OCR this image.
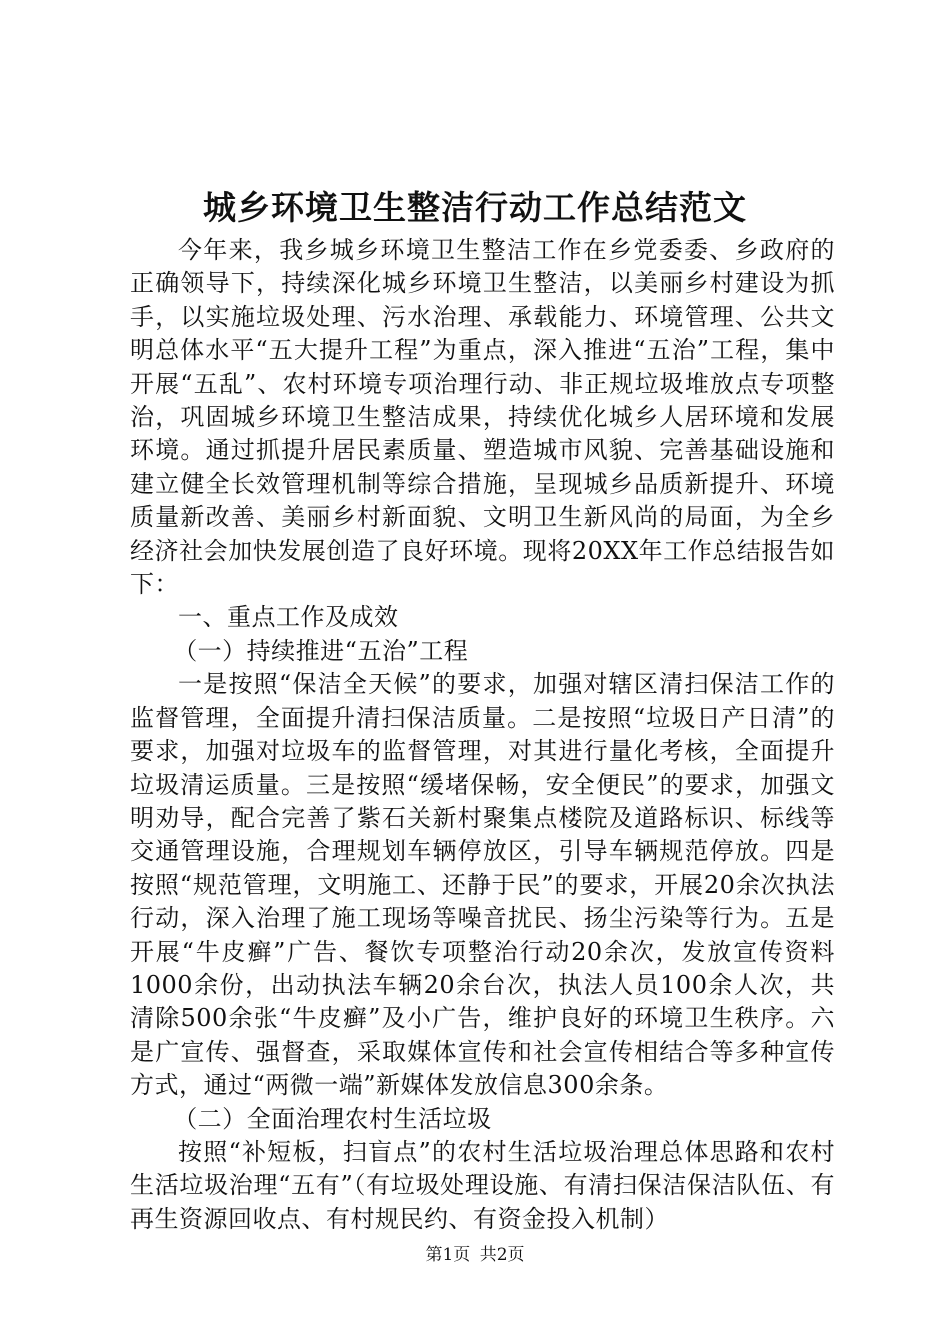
城乡环境卫生整洁行动工作总结范文

今年来，我乡城乡环境卫生整洁工作在乡党委委、乡政府的正确领导下，持续深化城乡环境卫生整洁，以美丽乡村建设为抓手，以实施垃圾处理、污水治理、承载能力、环境管理、公共文明总体水平“五大提升工程”为重点，深入推进“五治”工程，集中开展“五乱”、农村环境专项治理行动、非正规垃圾堆放点专项整治，巩固城乡环境卫生整洁成果，持续优化城乡人居环境和发展环境。通过抓提升居民素质量、塑造城市风貌、完善基础设施和建立健全长效管理机制等综合措施，呈现城乡品质新提升、环境质量新改善、美丽乡村新面貌、文明卫生新风尚的局面，为全乡经济社会加快发展创造了良好环境。现将20XX年工作总结报告如下：

一、重点工作及成效

（一）持续推进“五治”工程

一是按照“保洁全天候”的要求，加强对辖区清扫保洁工作的监督管理，全面提升清扫保洁质量。二是按照“垃圾日产日清”的要求，加强对垃圾车的监督管理，对其进行量化考核，全面提升垃圾清运质量。三是按照“缓堵保畅，安全便民”的要求，加强文明劝导，配合完善了紫石关新村聚集点楼院及道路标识、标线等交通管理设施，合理规划车辆停放区，引导车辆规范停放。四是按照“规范管理，文明施工、还静于民”的要求，开展20余次执法行动，深入治理了施工现场等噪音扰民、扬尘污染等行为。五是开展“牛皮癣”广告、餐饮专项整治行动20余次，发放宣传资料1000余份，出动执法车辆20余台次，执法人员100余人次，共清除500余张“牛皮癣”及小广告，维护良好的环境卫生秩序。六是广宣传、强督查，采取媒体宣传和社会宣传相结合等多种宣传方式，通过“两微一端”新媒体发放信息300余条。

（二）全面治理农村生活垃圾

按照“补短板，扫盲点”的农村生活垃圾治理总体思路和农村生活垃圾治理“五有”（有垃圾处理设施、有清扫保洁保洁队伍、有再生资源回收点、有村规民约、有资金投入机制）

第1页 共2页
